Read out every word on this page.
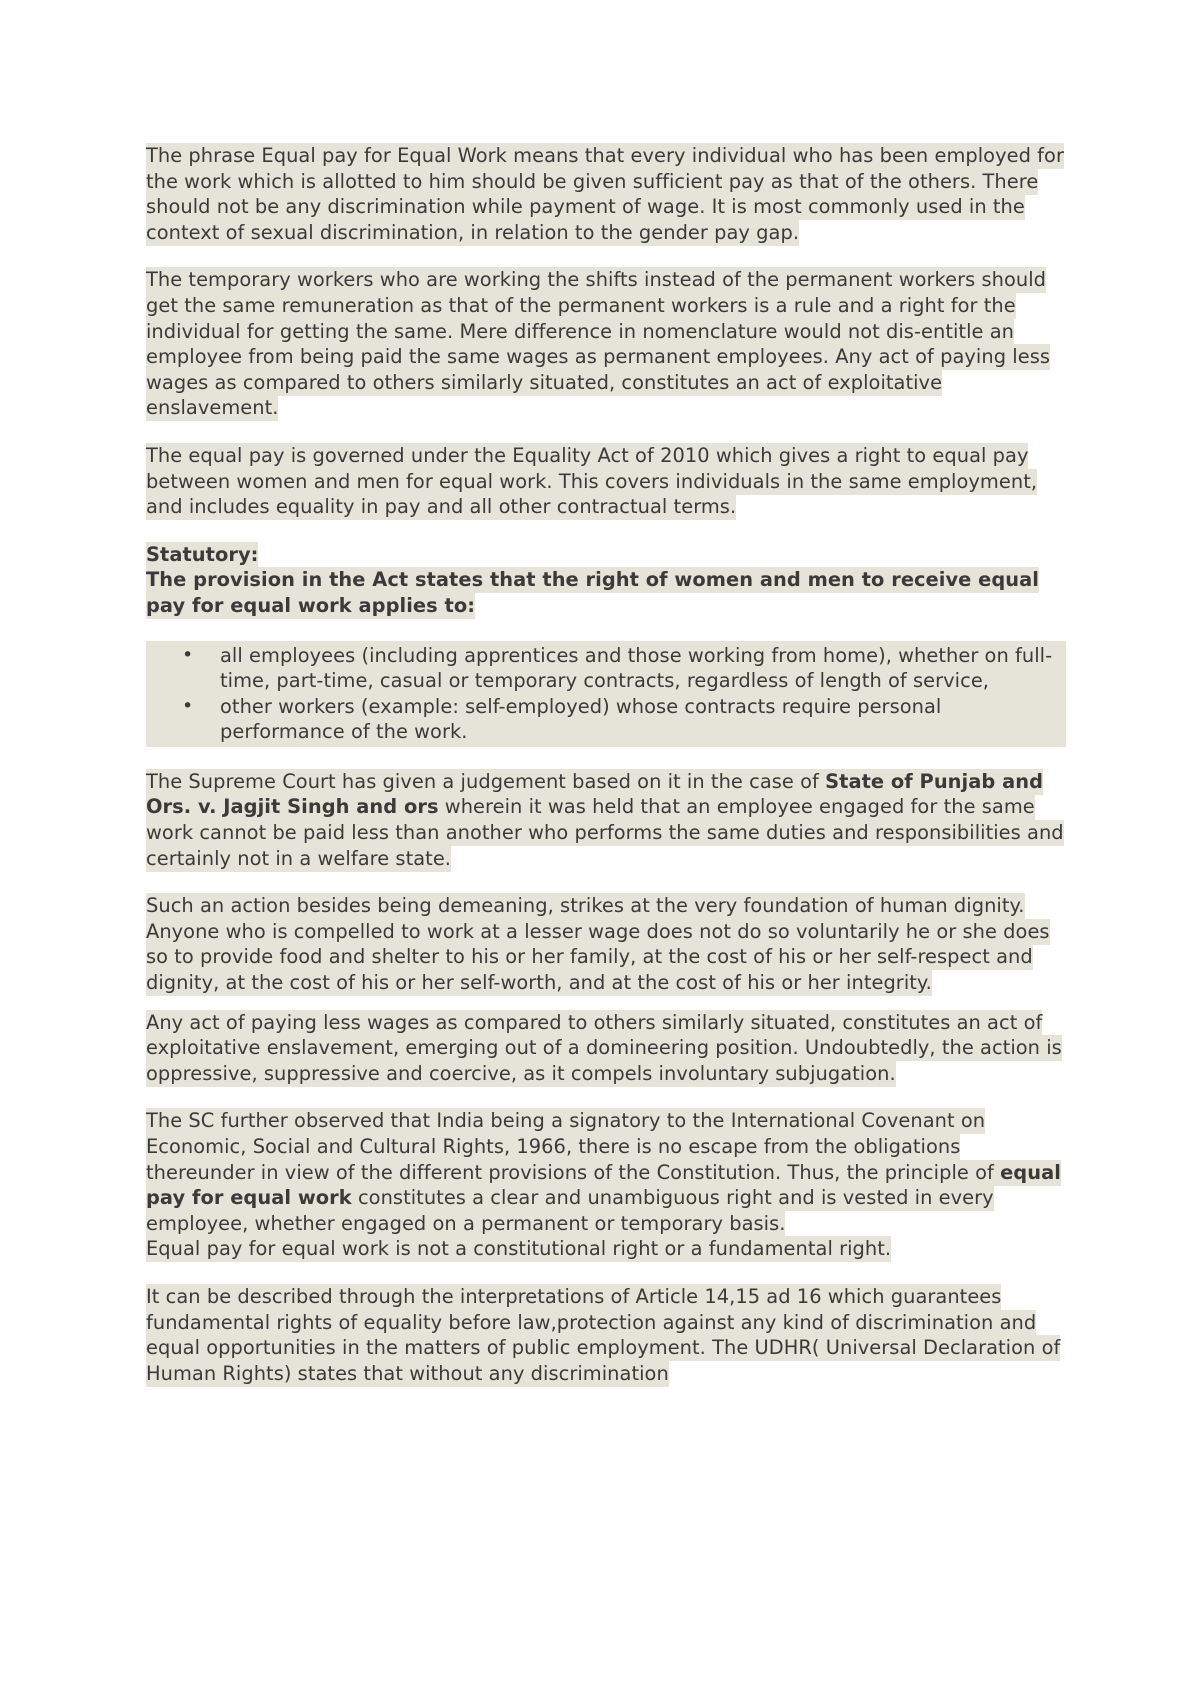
The phrase Equal pay for Equal Work means that every individual who has been employed for the work which is allotted to him should be given sufficient pay as that of the others. There should not be any discrimination while payment of wage. It is most commonly used in the context of sexual discrimination, in relation to the gender pay gap.

The temporary workers who are working the shifts instead of the permanent workers should get the same remuneration as that of the permanent workers is a rule and a right for the individual for getting the same. Mere difference in nomenclature would not dis-entitle an employee from being paid the same wages as permanent employees. Any act of paying less wages as compared to others similarly situated, constitutes an act of exploitative enslavement.

The equal pay is governed under the Equality Act of 2010 which gives a right to equal pay between women and men for equal work. This covers individuals in the same employment, and includes equality in pay and all other contractual terms.

Statutory:

The provision in the Act states that the right of women and men to receive equal pay for equal work applies to:

• all employees (including apprentices and those working from home), whether on full-time, part-time, casual or temporary contracts, regardless of length of service,
• other workers (example: self-employed) whose contracts require personal performance of the work.

The Supreme Court has given a judgement based on it in the case of State of Punjab and Ors. v. Jagjit Singh and ors wherein it was held that an employee engaged for the same work cannot be paid less than another who performs the same duties and responsibilities and certainly not in a welfare state.

Such an action besides being demeaning, strikes at the very foundation of human dignity. Anyone who is compelled to work at a lesser wage does not do so voluntarily he or she does so to provide food and shelter to his or her family, at the cost of his or her self-respect and dignity, at the cost of his or her self-worth, and at the cost of his or her integrity.

Any act of paying less wages as compared to others similarly situated, constitutes an act of exploitative enslavement, emerging out of a domineering position. Undoubtedly, the action is oppressive, suppressive and coercive, as it compels involuntary subjugation.

The SC further observed that India being a signatory to the International Covenant on Economic, Social and Cultural Rights, 1966, there is no escape from the obligations thereunder in view of the different provisions of the Constitution. Thus, the principle of equal pay for equal work constitutes a clear and unambiguous right and is vested in every employee, whether engaged on a permanent or temporary basis.

Equal pay for equal work is not a constitutional right or a fundamental right.

It can be described through the interpretations of Article 14,15 ad 16 which guarantees fundamental rights of equality before law,protection against any kind of discrimination and equal opportunities in the matters of public employment. The UDHR( Universal Declaration of Human Rights) states that without any discrimination
